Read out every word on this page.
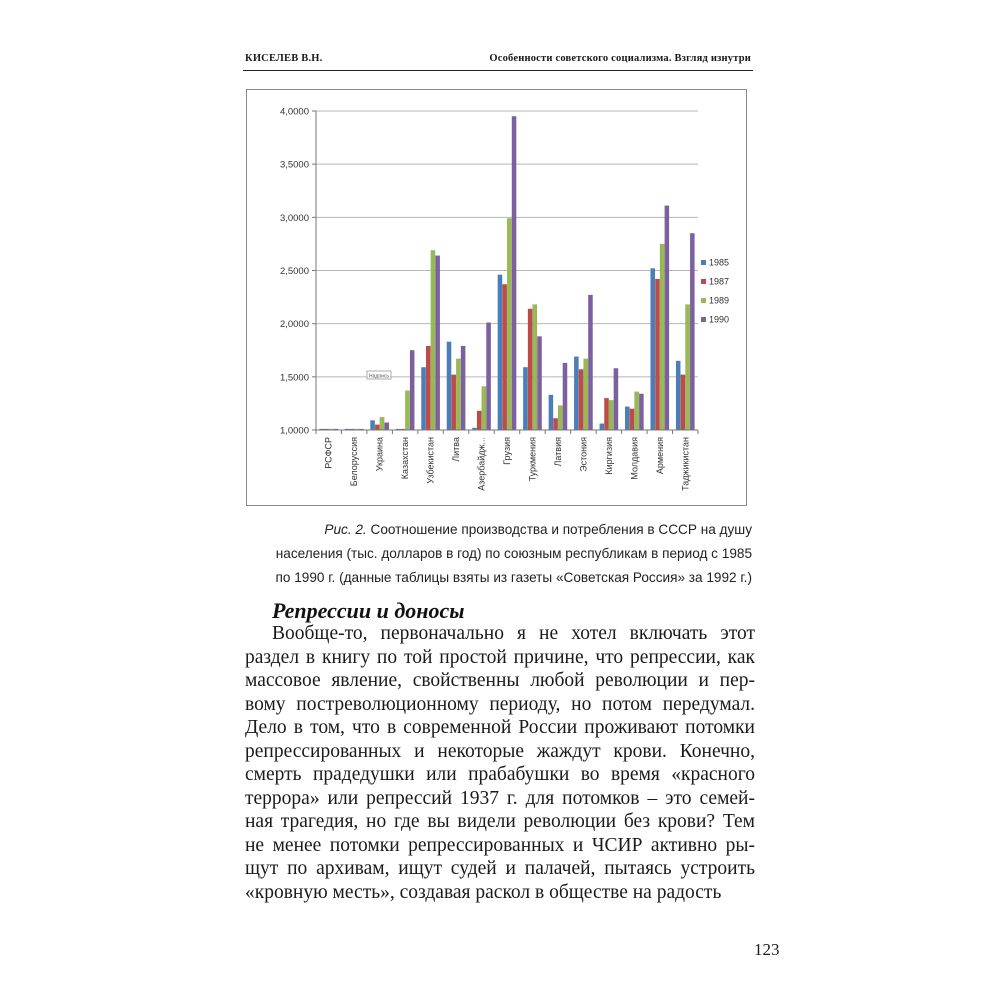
КИСЕЛЕВ В.Н.	Особенности советского социализма. Взгляд изнутри
1,0000
1,5000
2,0000
2,5000
3,0000
3,5000
4,0000
РСФСР Белоруссия Украина Казахстан Узбекистан Литва Азербайдж... Грузия Туркмения Латвия Эстония Киргизия Молдавия Армения Таджикистан
1985
1987
1989
1990
Надпись
Рис. 2. Соотношение производства и потребления в СССР на душу
населения (тыс. долларов в год) по союзным республикам в период с 1985
по 1990 г. (данные таблицы взяты из газеты «Советская Россия» за 1992 г.)
Репрессии и доносы
Вообще-то, первоначально я не хотел включать этот
раздел в книгу по той простой причине, что репрессии, как
массовое явление, свойственны любой революции и пер-
вому постреволюционному периоду, но потом передумал.
Дело в том, что в современной России проживают потомки
репрессированных и некоторые жаждут крови. Конечно,
смерть прадедушки или прабабушки во время «красного
террора» или репрессий 1937 г. для потомков – это семей-
ная трагедия, но где вы видели революции без крови? Тем
не менее потомки репрессированных и ЧСИР активно ры-
щут по архивам, ищут судей и палачей, пытаясь устроить
«кровную месть», создавая раскол в обществе на радость
123
